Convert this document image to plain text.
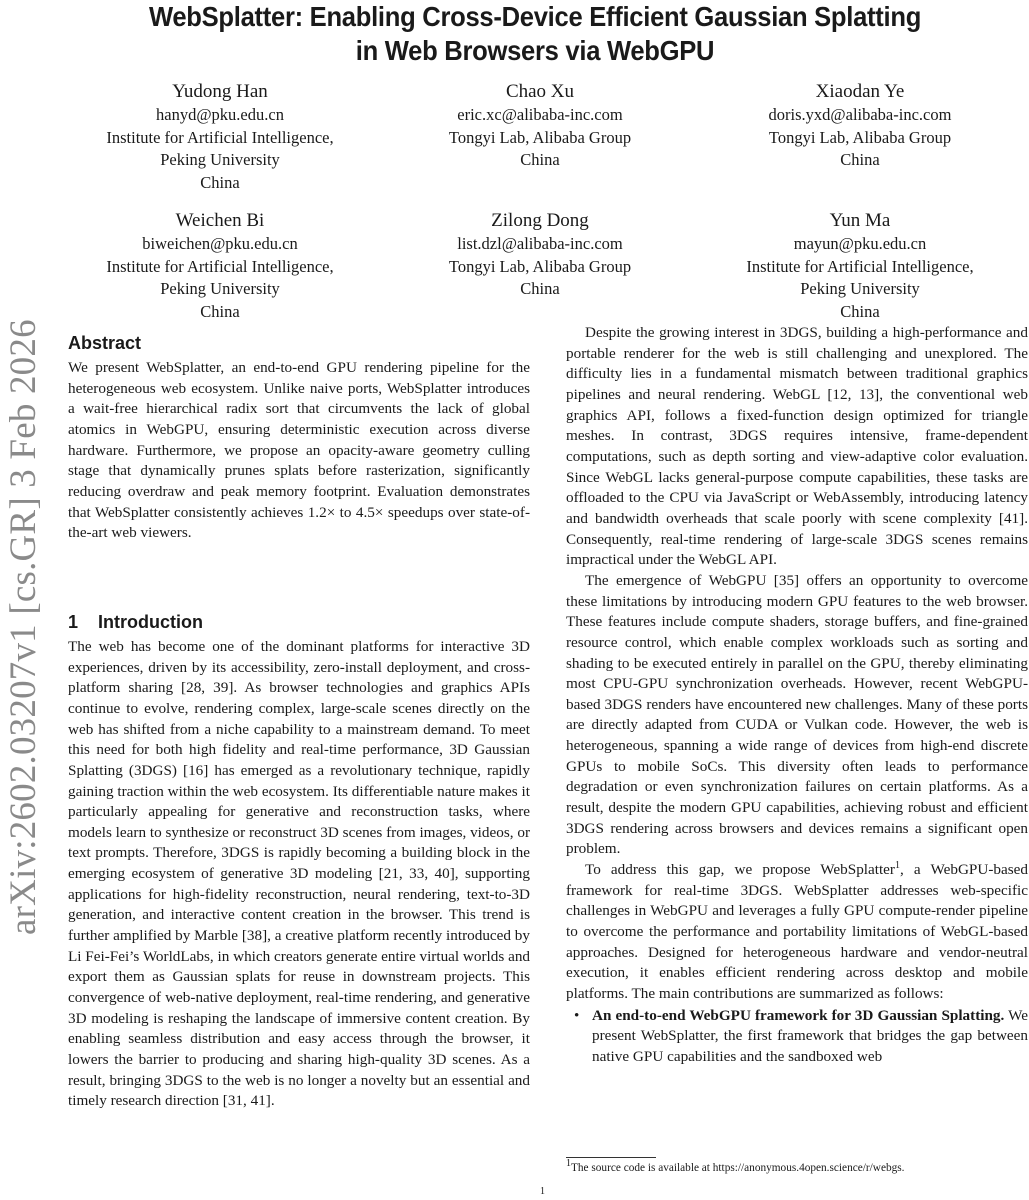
WebSplatter: Enabling Cross-Device Efficient Gaussian Splatting
in Web Browsers via WebGPU
Yudong Han
hanyd@pku.edu.cn
Institute for Artificial Intelligence,
Peking University
China
Chao Xu
eric.xc@alibaba-inc.com
Tongyi Lab, Alibaba Group
China
Xiaodan Ye
doris.yxd@alibaba-inc.com
Tongyi Lab, Alibaba Group
China
Weichen Bi
biweichen@pku.edu.cn
Institute for Artificial Intelligence,
Peking University
China
Zilong Dong
list.dzl@alibaba-inc.com
Tongyi Lab, Alibaba Group
China
Yun Ma
mayun@pku.edu.cn
Institute for Artificial Intelligence,
Peking University
China
arXiv:2602.03207v1 [cs.GR] 3 Feb 2026 Abstract

We present WebSplatter, an end-to-end GPU rendering pipeline for the heterogeneous web ecosystem. Unlike naive ports, WebSplatter introduces a wait-free hierarchical radix sort that circumvents the lack of global atomics in WebGPU, ensuring deterministic execution across diverse hardware. Furthermore, we propose an opacity-aware geometry culling stage that dynamically prunes splats before rasterization, significantly reducing overdraw and peak memory footprint. Evaluation demonstrates that WebSplatter consistently achieves 1.2× to 4.5× speedups over state-of-the-art web viewers.

1 Introduction

The web has become one of the dominant platforms for interactive 3D experiences, driven by its accessibility, zero-install deployment, and cross-platform sharing [28, 39]. As browser technologies and graphics APIs continue to evolve, rendering complex, large-scale scenes directly on the web has shifted from a niche capability to a mainstream demand. To meet this need for both high fidelity and real-time performance, 3D Gaussian Splatting (3DGS) [16] has emerged as a revolutionary technique, rapidly gaining traction within the web ecosystem. Its differentiable nature makes it particularly appealing for generative and reconstruction tasks, where models learn to synthesize or reconstruct 3D scenes from images, videos, or text prompts. Therefore, 3DGS is rapidly becoming a building block in the emerging ecosystem of generative 3D modeling [21, 33, 40], supporting applications for high-fidelity reconstruction, neural rendering, text-to-3D generation, and interactive content creation in the browser. This trend is further amplified by Marble [38], a creative platform recently introduced by Li Fei-Fei’s WorldLabs, in which creators generate entire virtual worlds and export them as Gaussian splats for reuse in downstream projects. This convergence of web-native deployment, real-time rendering, and generative 3D modeling is reshaping the landscape of immersive content creation. By enabling seamless distribution and easy access through the browser, it lowers the barrier to producing and sharing high-quality 3D scenes. As a result, bringing 3DGS to the web is no longer a novelty but an essential and timely research direction [31, 41].

Despite the growing interest in 3DGS, building a high-performance and portable renderer for the web is still challenging and unexplored. The difficulty lies in a fundamental mismatch between traditional graphics pipelines and neural rendering. WebGL [12, 13], the conventional web graphics API, follows a fixed-function design optimized for triangle meshes. In contrast, 3DGS requires intensive, frame-dependent computations, such as depth sorting and view-adaptive color evaluation. Since WebGL lacks general-purpose compute capabilities, these tasks are offloaded to the CPU via JavaScript or WebAssembly, introducing latency and bandwidth overheads that scale poorly with scene complexity [41]. Consequently, real-time rendering of large-scale 3DGS scenes remains impractical under the WebGL API.

The emergence of WebGPU [35] offers an opportunity to overcome these limitations by introducing modern GPU features to the web browser. These features include compute shaders, storage buffers, and fine-grained resource control, which enable complex workloads such as sorting and shading to be executed entirely in parallel on the GPU, thereby eliminating most CPU-GPU synchronization overheads. However, recent WebGPU-based 3DGS renders have encountered new challenges. Many of these ports are directly adapted from CUDA or Vulkan code. However, the web is heterogeneous, spanning a wide range of devices from high-end discrete GPUs to mobile SoCs. This diversity often leads to performance degradation or even synchronization failures on certain platforms. As a result, despite the modern GPU capabilities, achieving robust and efficient 3DGS rendering across browsers and devices remains a significant open problem.

To address this gap, we propose WebSplatter$^1$, a WebGPU-based framework for real-time 3DGS. WebSplatter addresses web-specific challenges in WebGPU and leverages a fully GPU compute-render pipeline to overcome the performance and portability limitations of WebGL-based approaches. Designed for heterogeneous hardware and vendor-neutral execution, it enables efficient rendering across desktop and mobile platforms. The main contributions are summarized as follows:

• An end-to-end WebGPU framework for 3D Gaussian Splatting. We present WebSplatter, the first framework that bridges the gap between native GPU capabilities and the sandboxed web
$^1$The source code is available at https://anonymous.4open.science/r/webgs.
1
